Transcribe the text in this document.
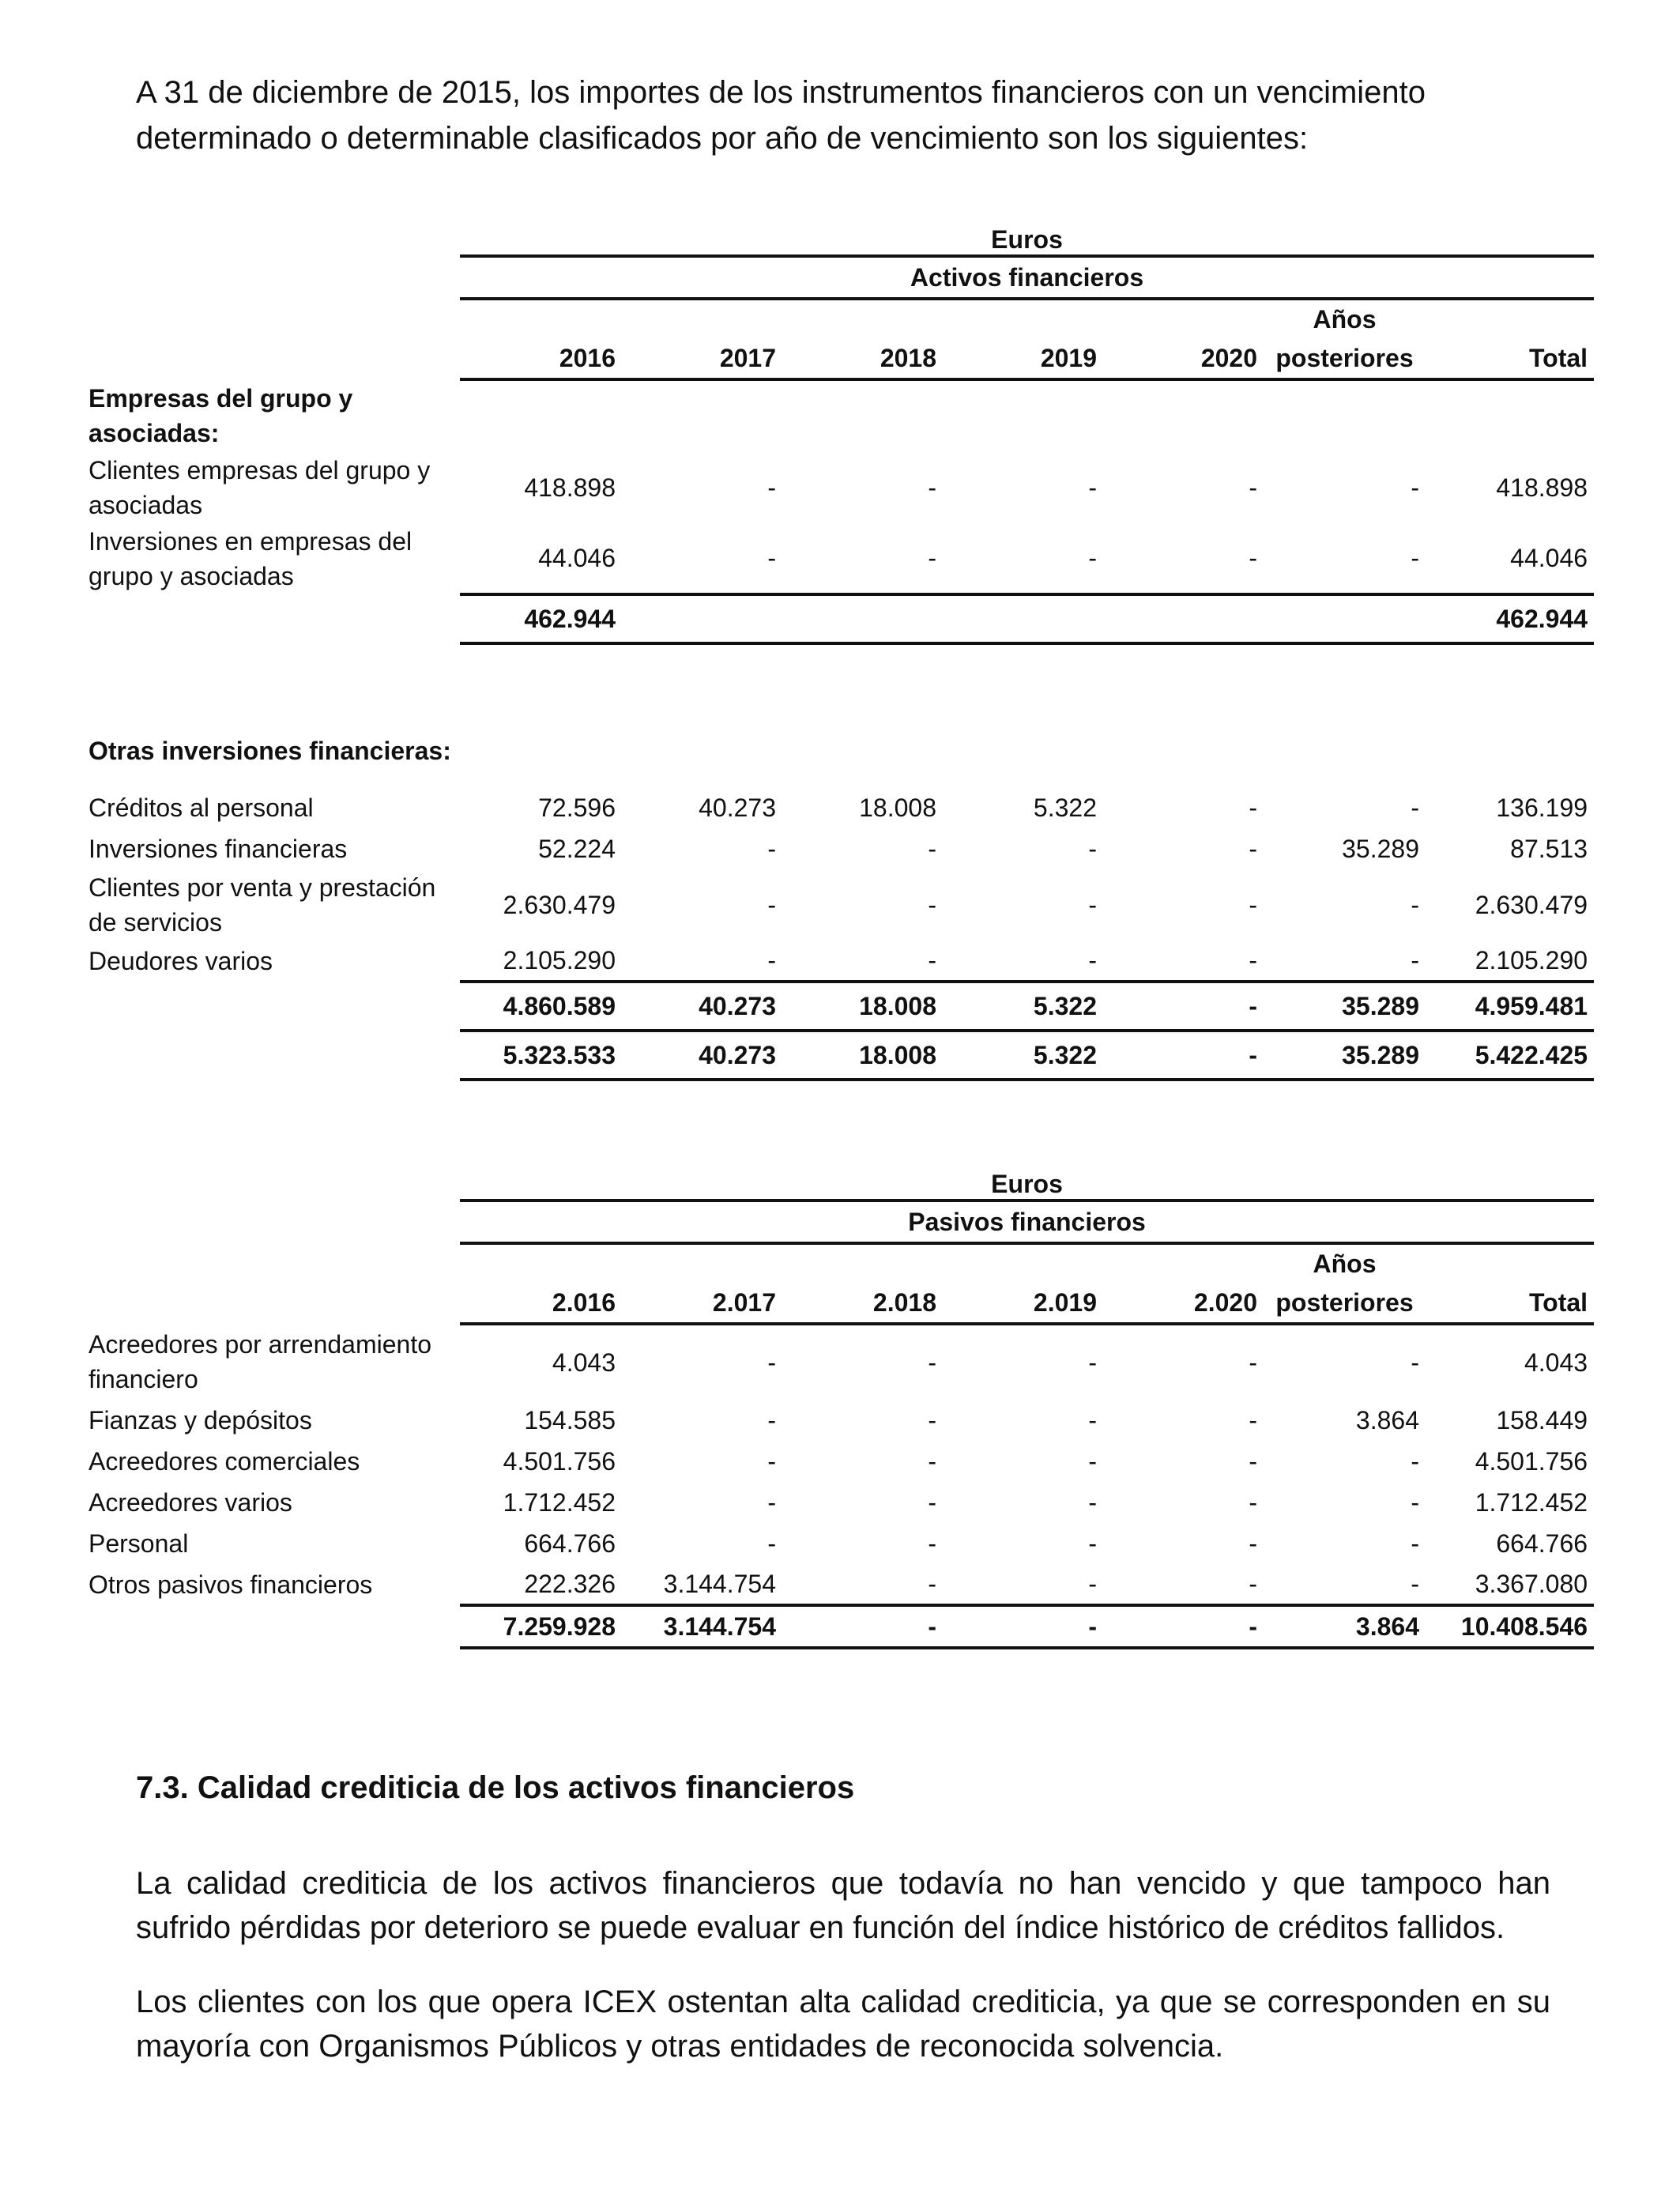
A 31 de diciembre de 2015, los importes de los instrumentos financieros con un vencimiento determinado o determinable clasificados por año de vencimiento son los siguientes:

	Euros						
	Activos financieros						
						Años	
	2016	2017	2018	2019	2020	posteriores	Total
Empresas del grupo y asociadas:							
Clientes empresas del grupo y asociadas	418.898	-	-	-	-	-	418.898
Inversiones en empresas del grupo y asociadas	44.046	-	-	-	-	-	44.046
	462.944						462.944

Otras inversiones financieras:							
Créditos al personal	72.596	40.273	18.008	5.322	-	-	136.199
Inversiones financieras	52.224	-	-	-	-	35.289	87.513
Clientes por venta y prestación de servicios	2.630.479	-	-	-	-	-	2.630.479
Deudores varios	2.105.290	-	-	-	-	-	2.105.290
	4.860.589	40.273	18.008	5.322	-	35.289	4.959.481
	5.323.533	40.273	18.008	5.322	-	35.289	5.422.425
	Euros						
	Pasivos financieros						
						Años	
	2.016	2.017	2.018	2.019	2.020	posteriores	Total
Acreedores por arrendamiento financiero	4.043	-	-	-	-	-	4.043
Fianzas y depósitos	154.585	-	-	-	-	3.864	158.449
Acreedores comerciales	4.501.756	-	-	-	-	-	4.501.756
Acreedores varios	1.712.452	-	-	-	-	-	1.712.452
Personal	664.766	-	-	-	-	-	664.766
Otros pasivos financieros	222.326	3.144.754	-	-	-	-	3.367.080
	7.259.928	3.144.754	-	-	-	3.864	10.408.546
7.3. Calidad crediticia de los activos financieros

La calidad crediticia de los activos financieros que todavía no han vencido y que tampoco han sufrido pérdidas por deterioro se puede evaluar en función del índice histórico de créditos fallidos.

Los clientes con los que opera ICEX ostentan alta calidad crediticia, ya que se corresponden en su mayoría con Organismos Públicos y otras entidades de reconocida solvencia.
